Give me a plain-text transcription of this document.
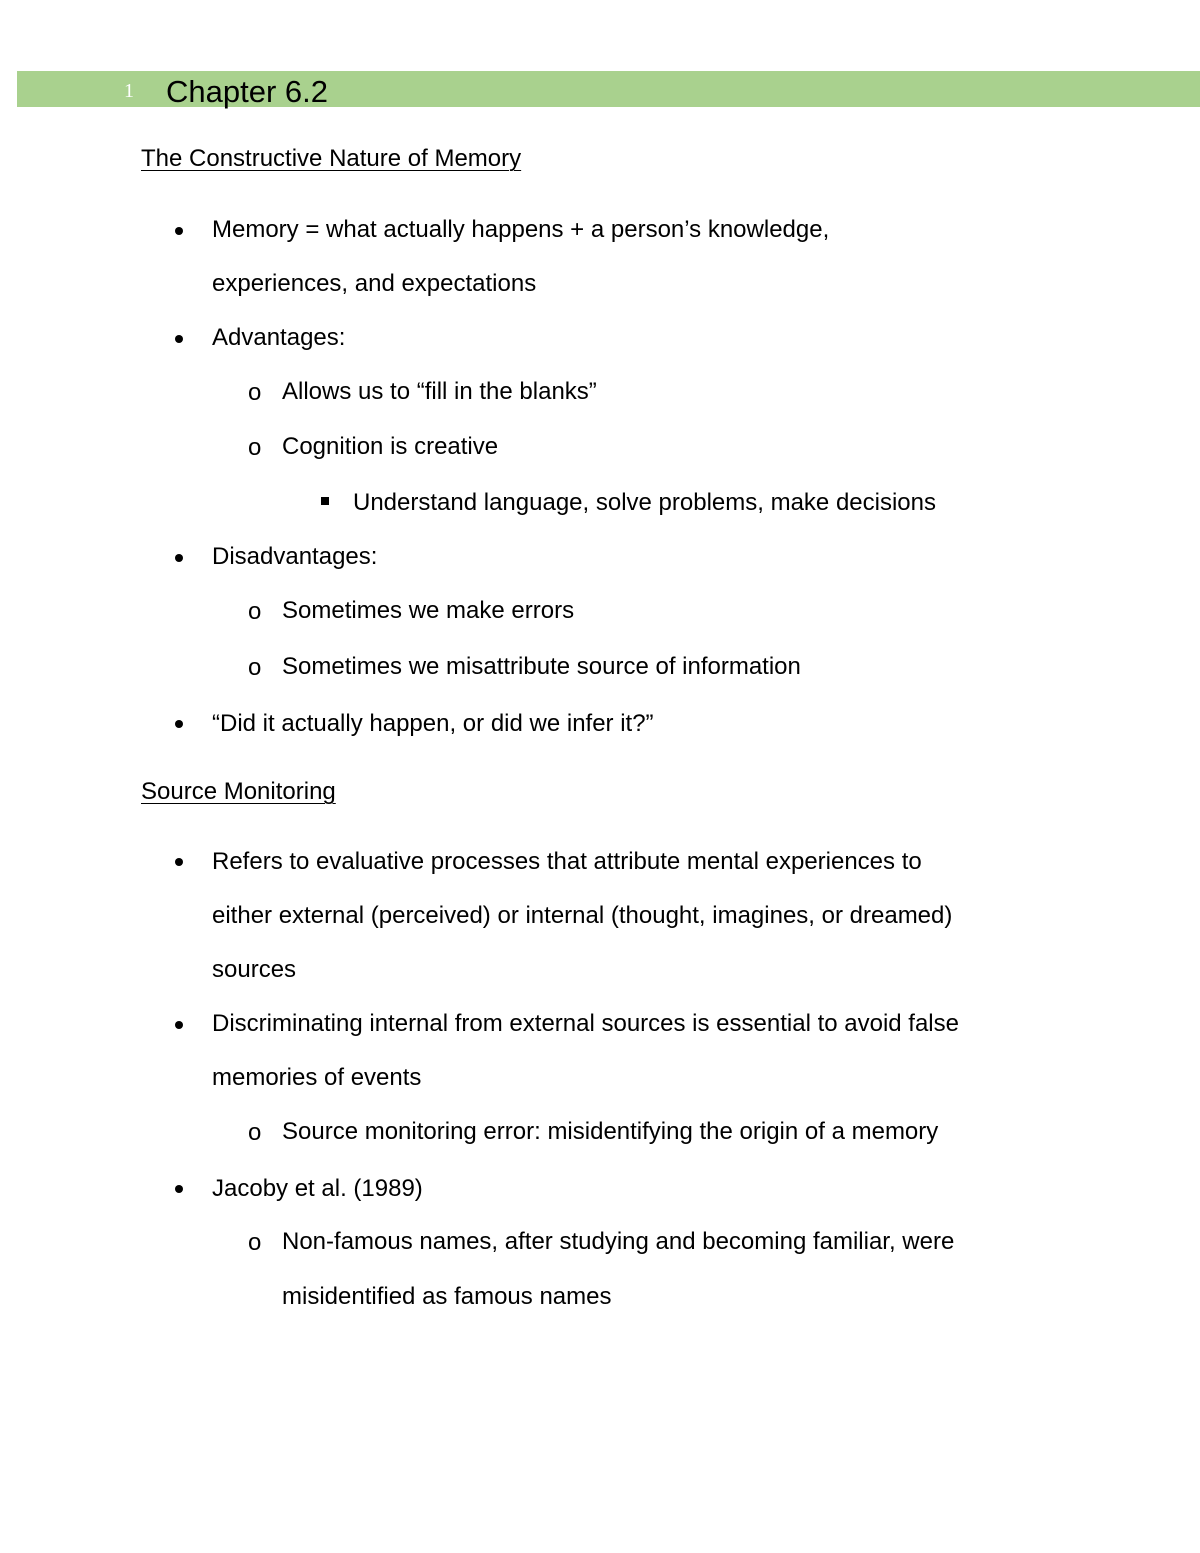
1 Chapter 6.2
The Constructive Nature of Memory
Memory = what actually happens + a person’s knowledge,
experiences, and expectations
Advantages:
o Allows us to “fill in the blanks”
o Cognition is creative
Understand language, solve problems, make decisions
Disadvantages:
o Sometimes we make errors
o Sometimes we misattribute source of information
“Did it actually happen, or did we infer it?”
Source Monitoring
Refers to evaluative processes that attribute mental experiences to
either external (perceived) or internal (thought, imagines, or dreamed)
sources
Discriminating internal from external sources is essential to avoid false
memories of events
o Source monitoring error: misidentifying the origin of a memory
Jacoby et al. (1989)
o Non-famous names, after studying and becoming familiar, were
misidentified as famous names
